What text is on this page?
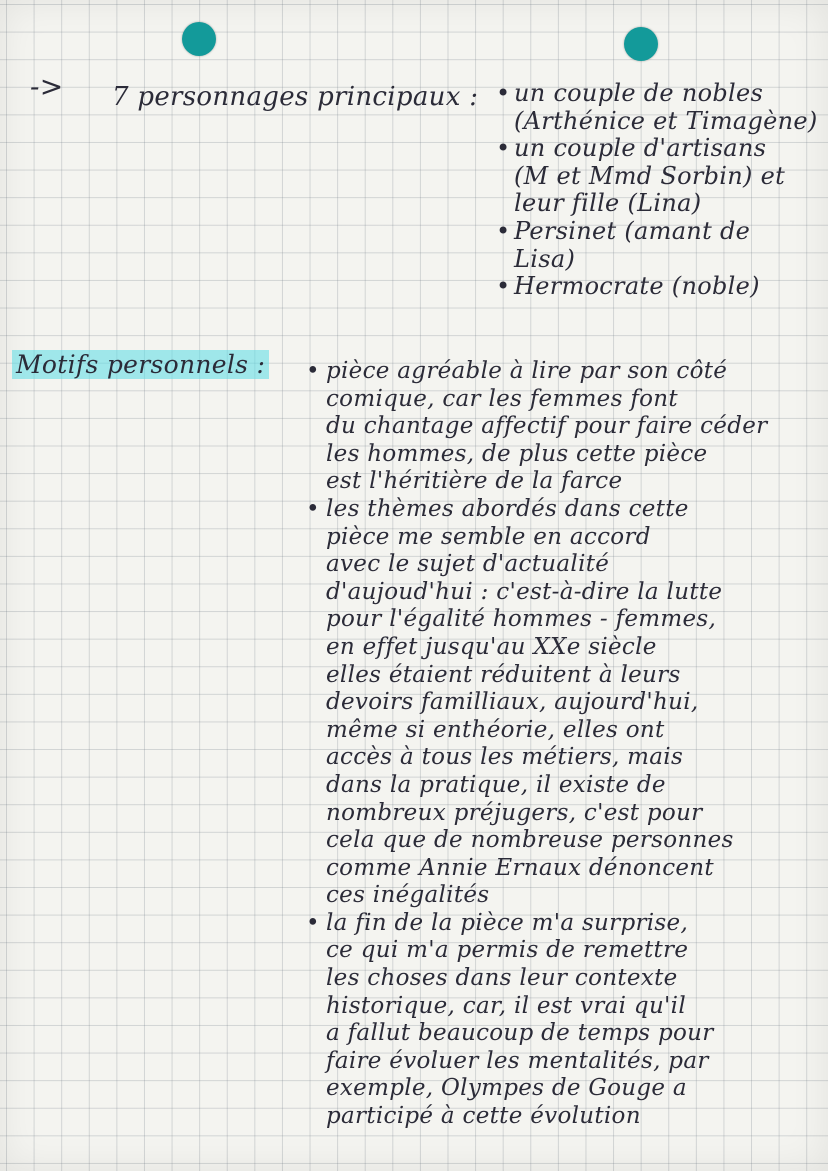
-> 7 personnages principaux : • un couple de nobles
(Arthénice et Timagène)
• un couple d'artisans
(M et Mmd Sorbin) et
leur fille (Lina)
• Persinet (amant de
Lisa)
• Hermocrate (noble)
Motifs personnels :	• pièce agréable à lire par son côté
comique, car les femmes font
du chantage affectif pour faire céder
les hommes, de plus cette pièce
est l'héritière de la farce
• les thèmes abordés dans cette
pièce me semble en accord
avec le sujet d'actualité
d'aujoud'hui : c'est-à-dire la lutte
pour l'égalité hommes - femmes,
en effet jusqu'au XXe siècle
elles étaient réduitent à leurs
devoirs familliaux, aujourd'hui,
même si enthéorie, elles ont
accès à tous les métiers, mais
dans la pratique, il existe de
nombreux préjugers, c'est pour
cela que de nombreuse personnes
comme Annie Ernaux dénoncent
ces inégalités
• la fin de la pièce m'a surprise,
ce qui m'a permis de remettre
les choses dans leur contexte
historique, car, il est vrai qu'il
a fallut beaucoup de temps pour
faire évoluer les mentalités, par
exemple, Olympes de Gouge a
participé à cette évolution
